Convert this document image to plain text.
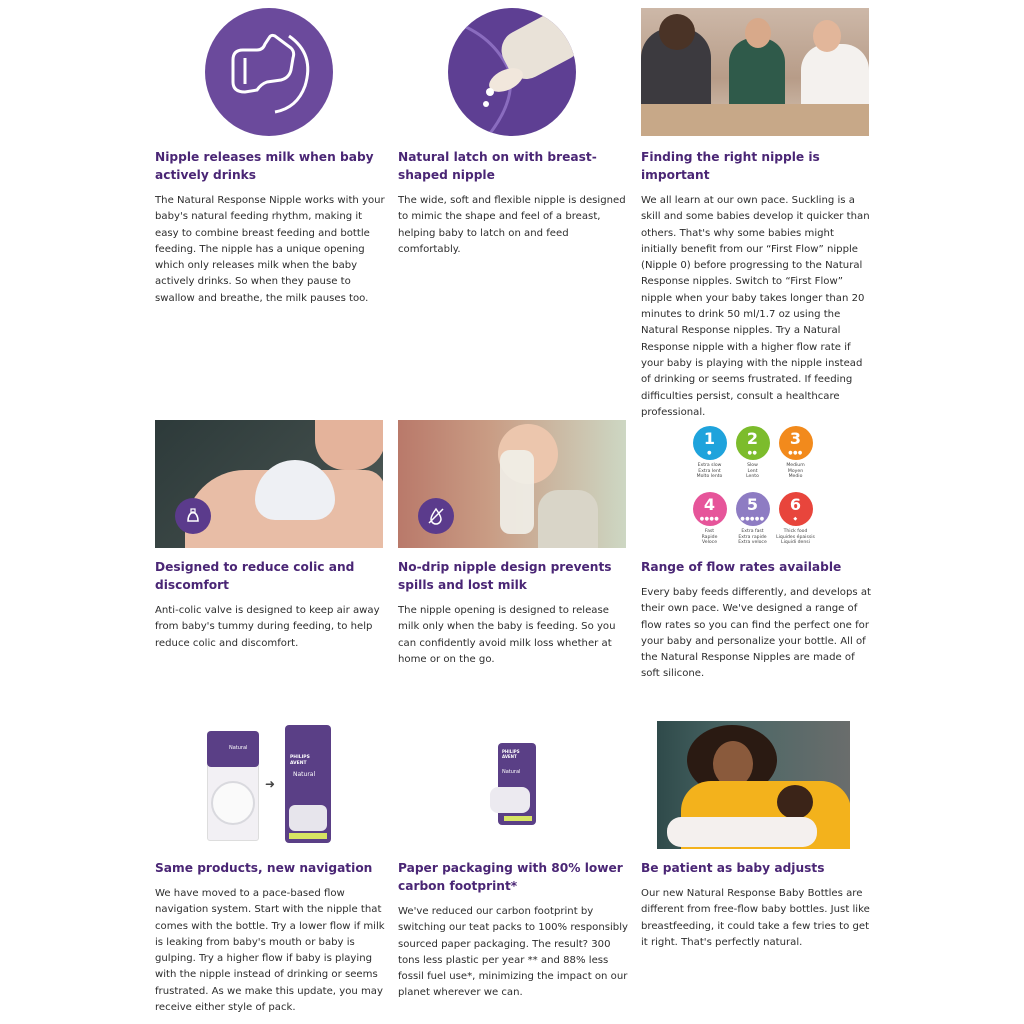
Nipple releases milk when baby actively drinks
The Natural Response Nipple works with your baby's natural feeding rhythm, making it easy to combine breast feeding and bottle feeding. The nipple has a unique opening which only releases milk when the baby actively drinks. So when they pause to swallow and breathe, the milk pauses too.
Natural latch on with breast-shaped nipple
The wide, soft and flexible nipple is designed to mimic the shape and feel of a breast, helping baby to latch on and feed comfortably.
Finding the right nipple is important
We all learn at our own pace. Suckling is a skill and some babies develop it quicker than others. That's why some babies might initially benefit from our “First Flow” nipple (Nipple 0) before progressing to the Natural Response nipples. Switch to “First Flow” nipple when your baby takes longer than 20 minutes to drink 50 ml/1.7 oz using the Natural Response nipples. Try a Natural Response nipple with a higher flow rate if your baby is playing with the nipple instead of drinking or seems frustrated. If feeding difficulties persist, consult a healthcare professional.
Designed to reduce colic and discomfort
Anti-colic valve is designed to keep air away from baby's tummy during feeding, to help reduce colic and discomfort.
No-drip nipple design prevents spills and lost milk
The nipple opening is designed to release milk only when the baby is feeding. So you can confidently avoid milk loss whether at home or on the go.
1
●
Extra slow
Extra lent
Molto lento
2
●●
Slow
Lent
Lento
3
●●●
Medium
Moyen
Medio
4
●●●●
Fast
Rapide
Veloce
5
●●●●●
Extra fast
Extra rapide
Extra veloce
6
◆
Thick food
Liquides épaissis
Liquidi densi
Range of flow rates available
Every baby feeds differently, and develops at their own pace. We've designed a range of flow rates so you can find the perfect one for your baby and personalize your bottle. All of the Natural Response Nipples are made of soft silicone.
Natural
➜
PHILIPS
AVENT
Natural
Same products, new navigation
We have moved to a pace-based flow navigation system. Start with the nipple that comes with the bottle. Try a lower flow if milk is leaking from baby's mouth or baby is gulping. Try a higher flow if baby is playing with the nipple instead of drinking or seems frustrated. As we make this update, you may receive either style of pack.
PHILIPS
AVENT
Natural
Paper packaging with 80% lower carbon footprint*
We've reduced our carbon footprint by switching our teat packs to 100% responsibly sourced paper packaging. The result? 300 tons less plastic per year ** and 88% less fossil fuel use*, minimizing the impact on our planet wherever we can.
Be patient as baby adjusts
Our new Natural Response Baby Bottles are different from free-flow baby bottles. Just like breastfeeding, it could take a few tries to get it right. That's perfectly natural.
